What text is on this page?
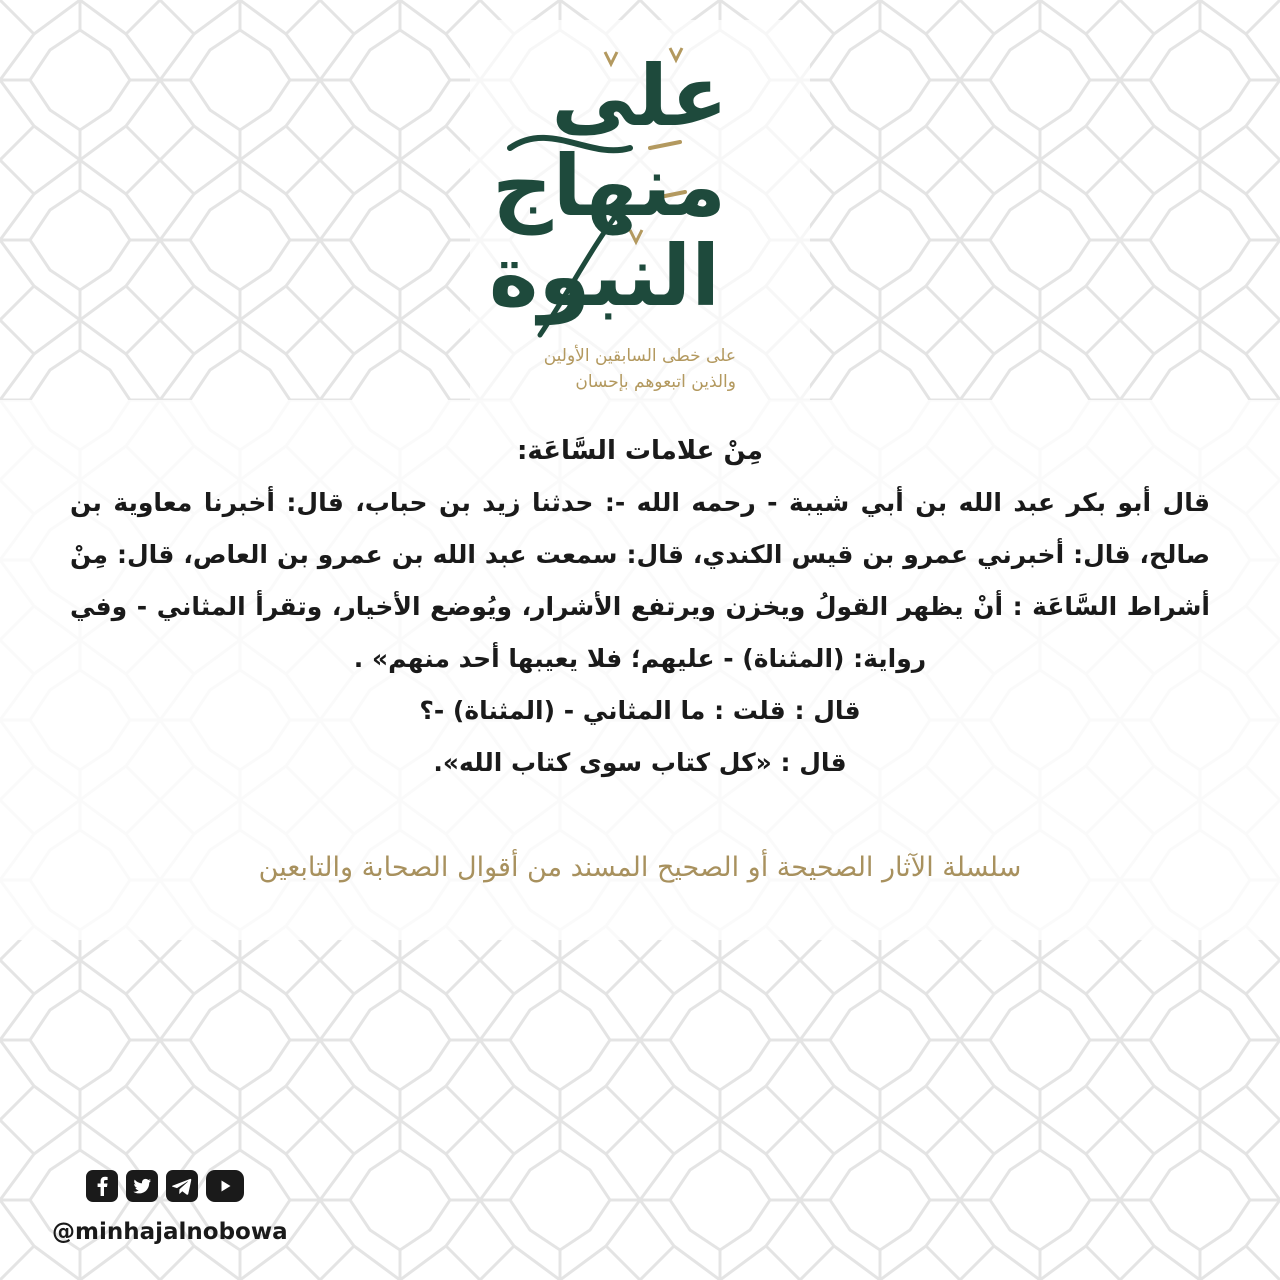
على
منهاج
النبوة
على خطى السابقين الأولين
والذين اتبعوهم بإحسان
مِنْ علامات السَّاعَة:
قال أبو بكر عبد الله بن أبي شيبة - رحمه الله -: حدثنا زيد بن حباب، قال: أخبرنا معاوية بن صالح، قال: أخبرني عمرو بن قيس الكندي، قال: سمعت عبد الله بن عمرو بن العاص، قال: مِنْ أشراط السَّاعَة : أنْ يظهر القولُ ويخزن ويرتفع الأشرار، ويُوضع الأخيار، وتقرأ المثاني - وفي رواية: (المثناة) - عليهم؛ فلا يعيبها أحد منهم» .
قال : قلت : ما المثاني - (المثناة) -؟
قال : «كل كتاب سوى كتاب الله».
سلسلة الآثار الصحيحة أو الصحيح المسند من أقوال الصحابة والتابعين
@minhajalnobowa
